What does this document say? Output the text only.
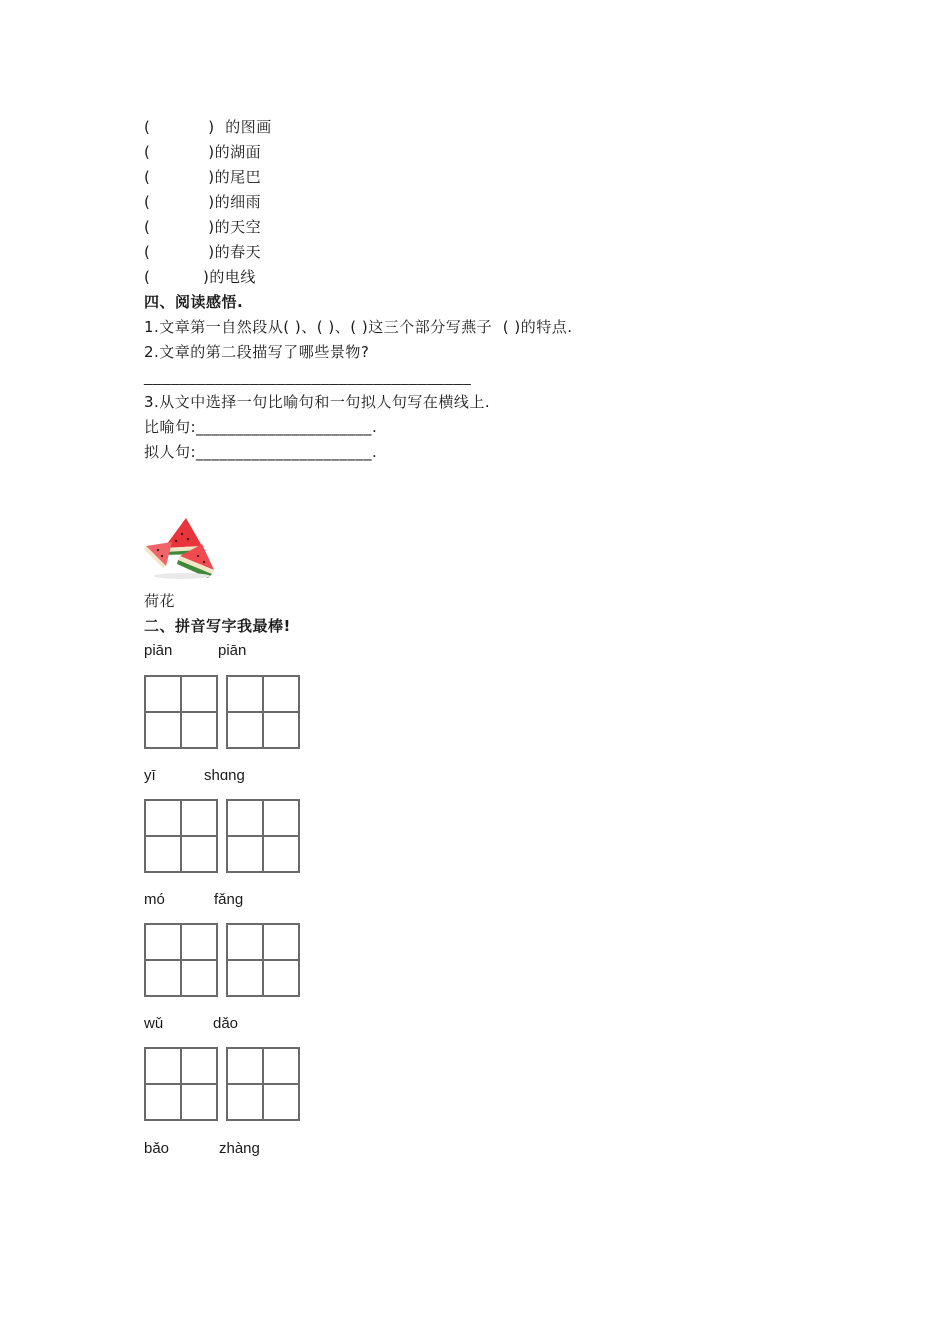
(           )  的图画
(           )的湖面
(           )的尾巴
(           )的细雨
(           )的天空
(           )的春天
(          )的电线
四、阅读感悟.
1.文章第一自然段从( )、( )、( )这三个部分写燕子  ( )的特点.
2.文章的第二段描写了哪些景物?
_____________________________________
3.从文中选择一句比喻句和一句拟人句写在横线上.
比喻句:______________________.
拟人句:______________________.
荷花
二、拼音写字我最棒!
piān	piān
yī	shɑng
mó	fǎng
wǔ	dǎo
bǎo	zhàng
